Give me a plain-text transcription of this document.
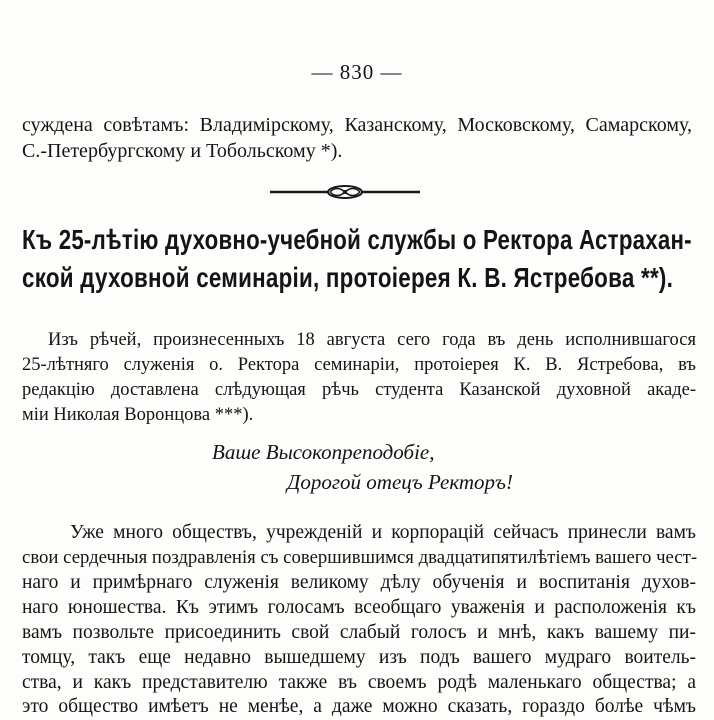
— 830 —
суждена совѣтамъ: Владимірскому, Казанскому, Московскому, Самарскому,
С.-Петербургскому и Тобольскому *).
Къ 25-лѣтію духовно-учебной службы о Ректора Астрахан-
ской духовной семинаріи, протоіерея К. В. Ястребова **).
Изъ рѣчей, произнесенныхъ 18 августа сего года въ день исполнившагося
25-лѣтняго служенія о. Ректора семинаріи, протоіерея К. В. Ястребова, въ
редакцію доставлена слѣдующая рѣчь студента Казанской духовной акаде-
міи Николая Воронцова ***).
Ваше Высокопреподобіе,
Дорогой отецъ Ректоръ!
Уже много обществъ, учрежденій и корпорацій сейчасъ принесли вамъ
свои сердечныя поздравленія съ совершившимся двадцатипятилѣтіемъ вашего чест-
наго и примѣрнаго служенія великому дѣлу обученія и воспитанія духов-
наго юношества. Къ этимъ голосамъ всеобщаго уваженія и расположенія къ
вамъ позвольте присоединить свой слабый голосъ и мнѣ, какъ вашему пи-
томцу, такъ еще недавно вышедшему изъ подъ вашего мудраго воитель-
ства, и какъ представителю также въ своемъ родѣ маленькаго общества; а
это общество имѣетъ не менѣе, а даже можно сказать, гораздо болѣе чѣмъ
